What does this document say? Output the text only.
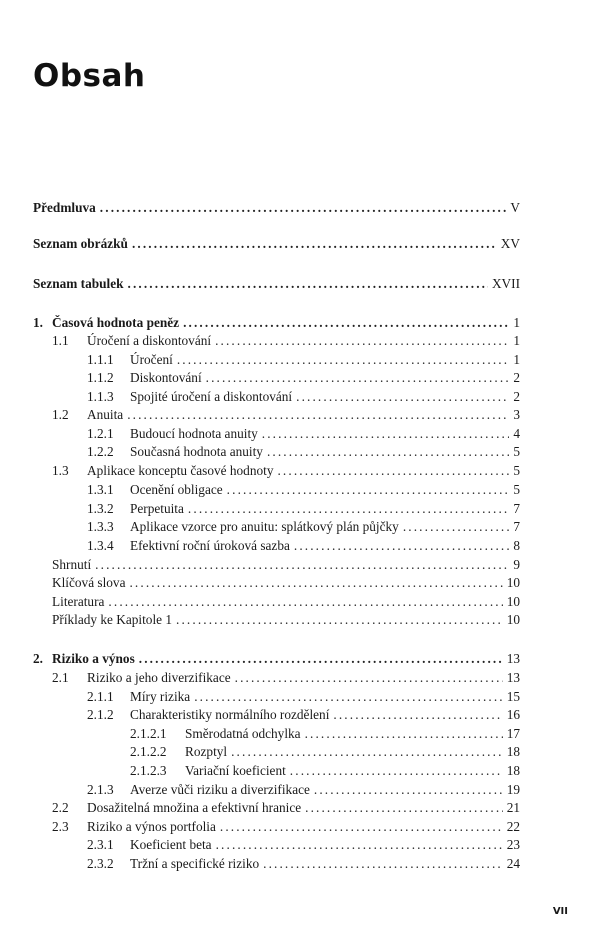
Obsah
Předmluva . . .	V
Seznam obrázků . . .	XV
Seznam tabulek . . .	XVII
1. Časová hodnota peněz . . .	1
1.1	Úročení a diskontování . . .	1
1.1.1	Úročení . . .	1
1.1.2	Diskontování . . .	2
1.1.3	Spojité úročení a diskontování . . .	2
1.2	Anuita . . .	3
1.2.1	Budoucí hodnota anuity . . .	4
1.2.2	Současná hodnota anuity . . .	5
1.3	Aplikace konceptu časové hodnoty . . .	5
1.3.1	Ocenění obligace . . .	5
1.3.2	Perpetuita . . .	7
1.3.3	Aplikace vzorce pro anuitu: splátkový plán půjčky . . .	7
1.3.4	Efektivní roční úroková sazba . . .	8
Shrnutí . . .	9
Klíčová slova . . .	10
Literatura . . .	10
Příklady ke Kapitole 1 . . .	10
2. Riziko a výnos . . .	13
2.1	Riziko a jeho diverzifikace . . .	13
2.1.1	Míry rizika . . .	15
2.1.2	Charakteristiky normálního rozdělení . . .	16
2.1.2.1	Směrodatná odchylka . . .	17
2.1.2.2	Rozptyl . . .	18
2.1.2.3	Variační koeficient . . .	18
2.1.3	Averze vůči riziku a diverzifikace . . .	19
2.2	Dosažitelná množina a efektivní hranice . . .	21
2.3	Riziko a výnos portfolia . . .	22
2.3.1	Koeficient beta . . .	23
2.3.2	Tržní a specifické riziko . . .	24
VII
